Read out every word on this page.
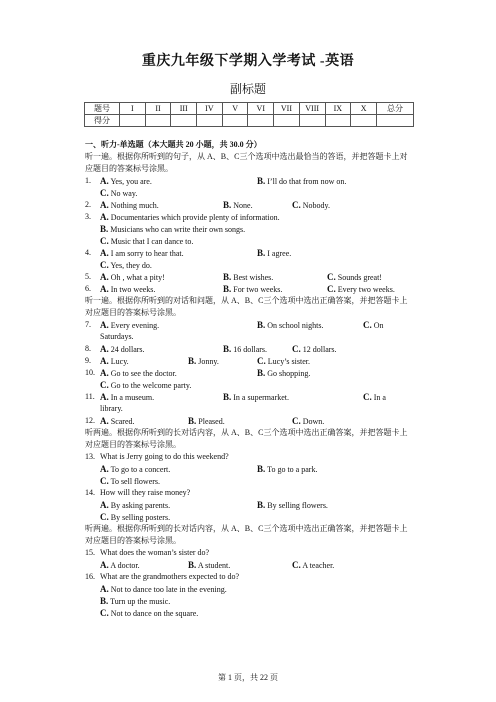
重庆九年级下学期入学考试 -英语
副标题
题号	I	II	III	IV	V	VI	VII	VIII	IX	X	总分
得分											
一、听力-单选题（本大题共 20 小题，共 30.0 分）
听一遍。根据你所听到的句子，从 A、B、C三个选项中选出最恰当的答语，并把答题卡上对应题目的答案标号涂黑。
1. A. Yes, you are.	B. I’ll do that from now on.
C. No way.
2. A. Nothing much.	B. None.	C. Nobody.
3. A. Documentaries which provide plenty of information.
B. Musicians who can write their own songs.
C. Music that I can dance to.
4. A. I am sorry to hear that.	B. I agree.
C. Yes, they do.
5. A. Oh , what a pity!	B. Best wishes.	C. Sounds great!
6. A. In two weeks.	B. For two weeks.	C. Every two weeks.
听一遍。根据你所听到的对话和问题，从 A、B、C三个选项中选出正确答案，并把答题卡上对应题目的答案标号涂黑。
7. A. Every evening.	B. On school nights.	C. On
Saturdays.
8. A. 24 dollars.	B. 16 dollars.	C. 12 dollars.
9. A. Lucy.	B. Jonny.	C. Lucy’s sister.
10. A. Go to see the doctor.	B. Go shopping.
C. Go to the welcome party.
11. A. In a museum.	B. In a supermarket.	C. In a
library.
12. A. Scared.	B. Pleased.	C. Down.
听两遍。根据你所听到的长对话内容，从 A、B、C三个选项中选出正确答案，并把答题卡上对应题目的答案标号涂黑。
13. What is Jerry going to do this weekend?
A. To go to a concert.	B. To go to a park.
C. To sell flowers.
14. How will they raise money?
A. By asking parents.	B. By selling flowers.
C. By selling posters.
听两遍。根据你所听到的长对话内容，从 A、B、C三个选项中选出正确答案，并把答题卡上对应题目的答案标号涂黑。
15. What does the woman’s sister do?
A. A doctor.	B. A student.	C. A teacher.
16. What are the grandmothers expected to do?
A. Not to dance too late in the evening.
B. Turn up the music.
C. Not to dance on the square.
第 1 页，共 22 页
